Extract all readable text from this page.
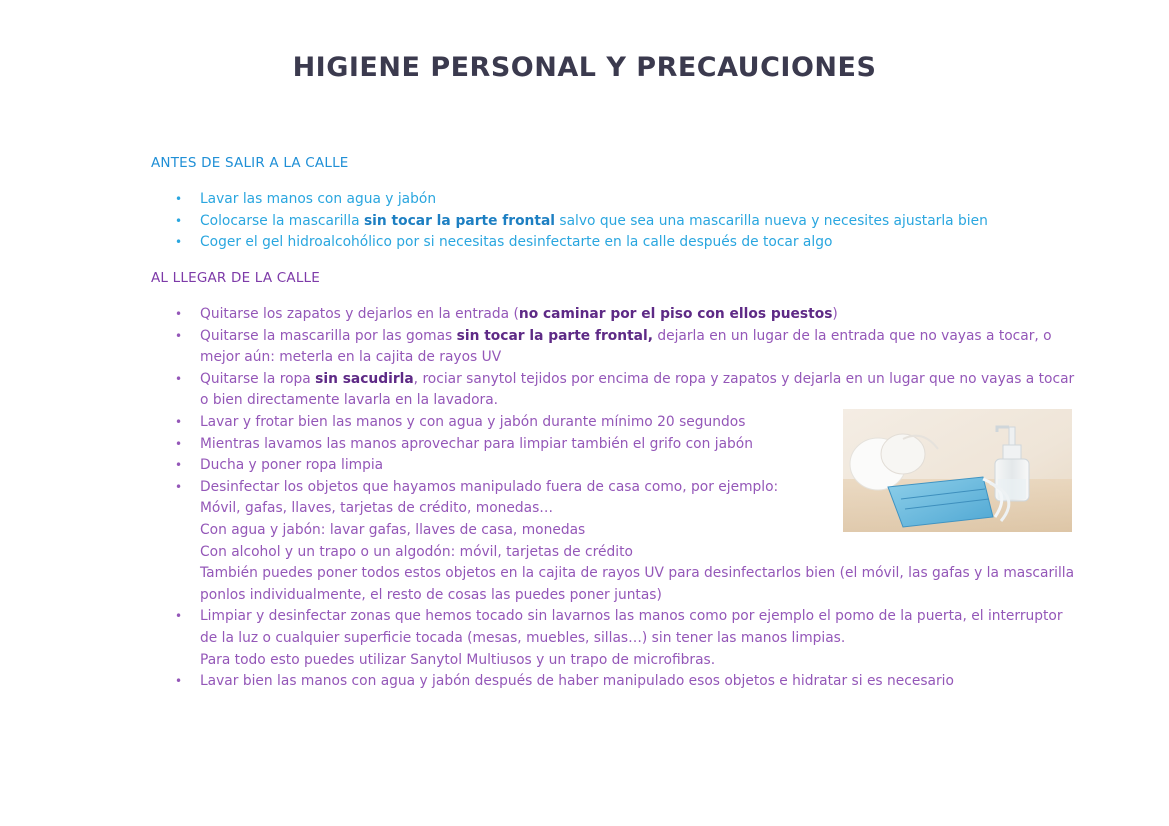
HIGIENE PERSONAL Y PRECAUCIONES
ANTES DE SALIR A LA CALLE
• Lavar las manos con agua y jabón
• Colocarse la mascarilla sin tocar la parte frontal salvo que sea una mascarilla nueva y necesites ajustarla bien
• Coger el gel hidroalcohólico por si necesitas desinfectarte en la calle después de tocar algo
AL LLEGAR DE LA CALLE
• Quitarse los zapatos y dejarlos en la entrada (no caminar por el piso con ellos puestos)
• Quitarse la mascarilla por las gomas sin tocar la parte frontal, dejarla en un lugar de la entrada que no vayas a tocar, o mejor aún: meterla en la cajita de rayos UV
• Quitarse la ropa sin sacudirla, rociar sanytol tejidos por encima de ropa y zapatos y dejarla en un lugar que no vayas a tocar o bien directamente lavarla en la lavadora.
• Lavar y frotar bien las manos y con agua y jabón durante mínimo 20 segundos
• Mientras lavamos las manos aprovechar para limpiar también el grifo con jabón
• Ducha y poner ropa limpia
• Desinfectar los objetos que hayamos manipulado fuera de casa como, por ejemplo:
Móvil, gafas, llaves, tarjetas de crédito, monedas…
Con agua y jabón: lavar gafas, llaves de casa, monedas
Con alcohol y un trapo o un algodón: móvil, tarjetas de crédito
También puedes poner todos estos objetos en la cajita de rayos UV para desinfectarlos bien (el móvil, las gafas y la mascarilla ponlos individualmente, el resto de cosas las puedes poner juntas)
• Limpiar y desinfectar zonas que hemos tocado sin lavarnos las manos como por ejemplo el pomo de la puerta, el interruptor de la luz o cualquier superficie tocada (mesas, muebles, sillas…) sin tener las manos limpias.
Para todo esto puedes utilizar Sanytol Multiusos y un trapo de microfibras.
• Lavar bien las manos con agua y jabón después de haber manipulado esos objetos e hidratar si es necesario
